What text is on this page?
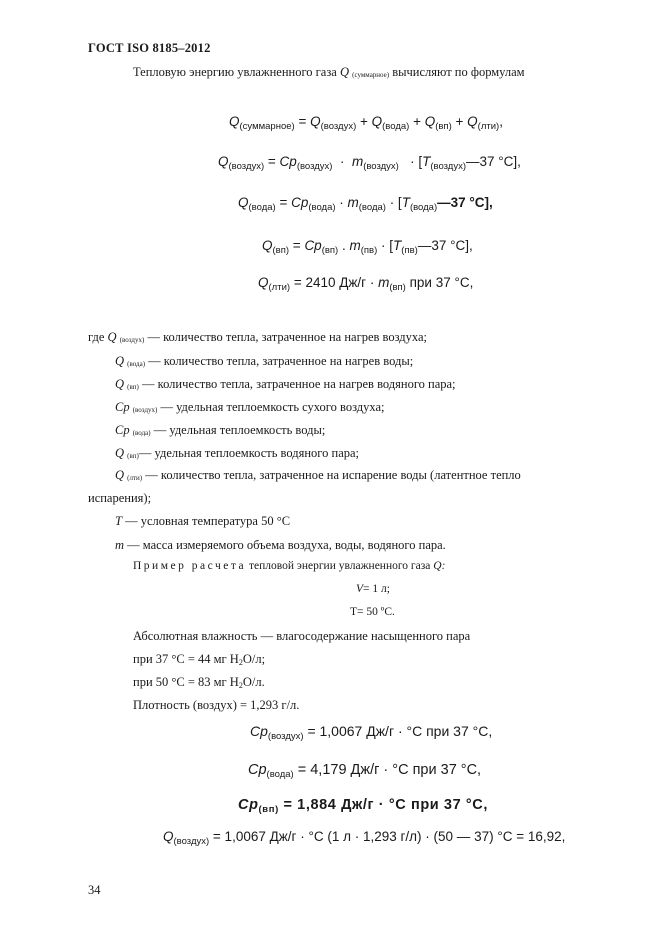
ГОСТ ISO 8185–2012
Тепловую энергию увлажненного газа Q (суммарное) вычисляют по формулам
$Q_{(суммарное)} = Q_{(воздух)} + Q_{(вода)} + Q_{(вп)} + Q_{(лти)}$,
$Q_{(воздух)} = Cp_{(воздух)} \cdot m_{(воздух)}$   · [$T_{(воздух)}—37$ °C],
$Q_{(вода)} = Cp_{(вода)} \cdot m_{(вода)}$ · [$T_{(вода)}—37$ °C],
$Q_{(вп)} = Cp_{(вп)}$ . $m_{(пв)}$ · [$T_{(пв)}—37$ °C],
$Q_{(лти)} = 2410$ $Дж/г \cdot m_{(вп)}$ при 37 °C,
где Q (воздух) — количество тепла, затраченное на нагрев воздуха;
Q (вода) — количество тепла, затраченное на нагрев воды;
Q (вп) — количество тепла, затраченное на нагрев водяного пара;
Cp (воздух) — удельная теплоемкость сухого воздуха;
Cp (вода) — удельная теплоемкость воды;
Q (вп)— удельная теплоемкость водяного пара;
Q (лти) — количество тепла, затраченное на испарение воды (латентное тепло
испарения);
T — условная температура 50 °C
m — масса измеряемого объема воздуха, воды, водяного пара.
Пример расчета тепловой энергии увлажненного газа Q:
V= 1 л;
T= 50 ºC.
Абсолютная влажность — влагосодержание насыщенного пара
при 37 °C = 44 мг $H_2O/л$;
при 50 °C = 83 мг $H_2O/л$.
Плотность (воздух) = 1,293 г/л.
$Cp_{(воздух)} = 1,0067$ Дж/г · °C при 37 °C,
$Cp_{(вода)} = 4,179$ Дж/г · °C при 37 °C,
$Cp_{(вп)} = 1,884$ Дж/г · °C при 37 °C,
$Q_{(воздух)} = 1,0067$ Дж/г · °C (1 л · 1,293 г/л) · (50 — 37) °C = 16,92,
34
